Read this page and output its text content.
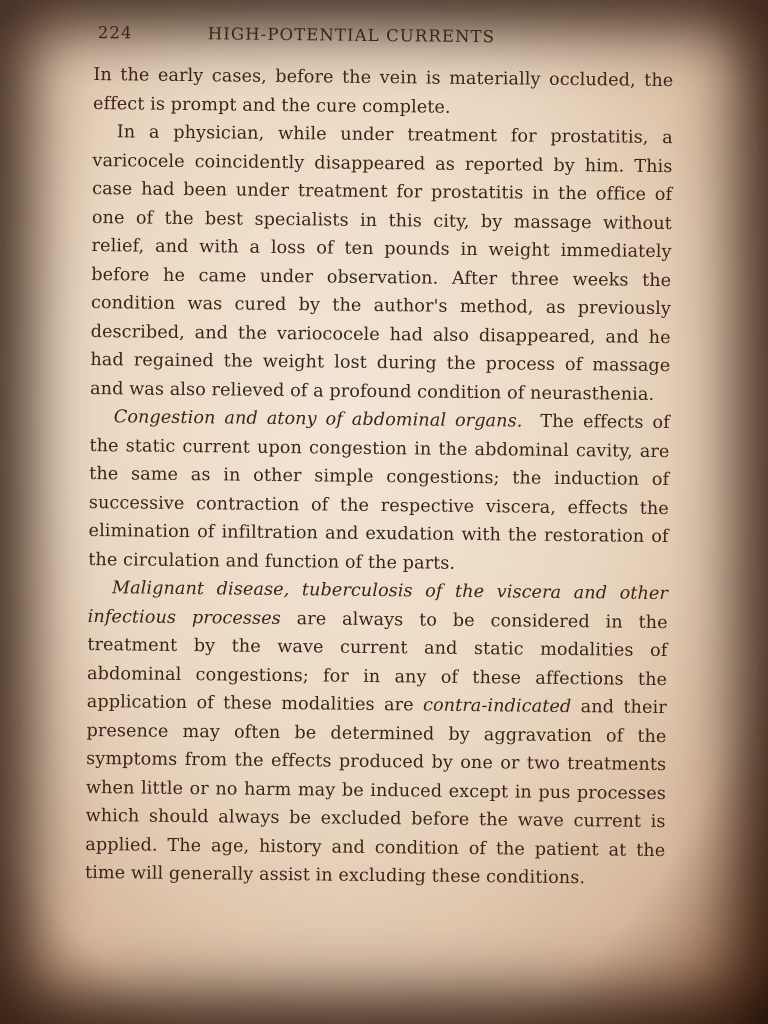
224	HIGH-POTENTIAL CURRENTS

In the early cases, before the vein is materially occluded, the effect is prompt and the cure complete.

In a physician, while under treatment for prostatitis, a varicocele coincidently disappeared as reported by him. This case had been under treatment for prostatitis in the office of one of the best specialists in this city, by massage without relief, and with a loss of ten pounds in weight immediately before he came under observation. After three weeks the condition was cured by the author's method, as previously described, and the variococele had also disappeared, and he had regained the weight lost during the process of massage and was also relieved of a profound condition of neurasthenia.

Congestion and atony of abdominal organs. The effects of the static current upon congestion in the abdominal cavity, are the same as in other simple congestions; the induction of successive contraction of the respective viscera, effects the elimination of infiltration and exudation with the restoration of the circulation and function of the parts.

Malignant disease, tuberculosis of the viscera and other infectious processes are always to be considered in the treatment by the wave current and static modalities of abdominal congestions; for in any of these affections the application of these modalities are contra-indicated and their presence may often be determined by aggravation of the symptoms from the effects produced by one or two treatments when little or no harm may be induced except in pus processes which should always be excluded before the wave current is applied. The age, history and condition of the patient at the time will generally assist in excluding these conditions.
